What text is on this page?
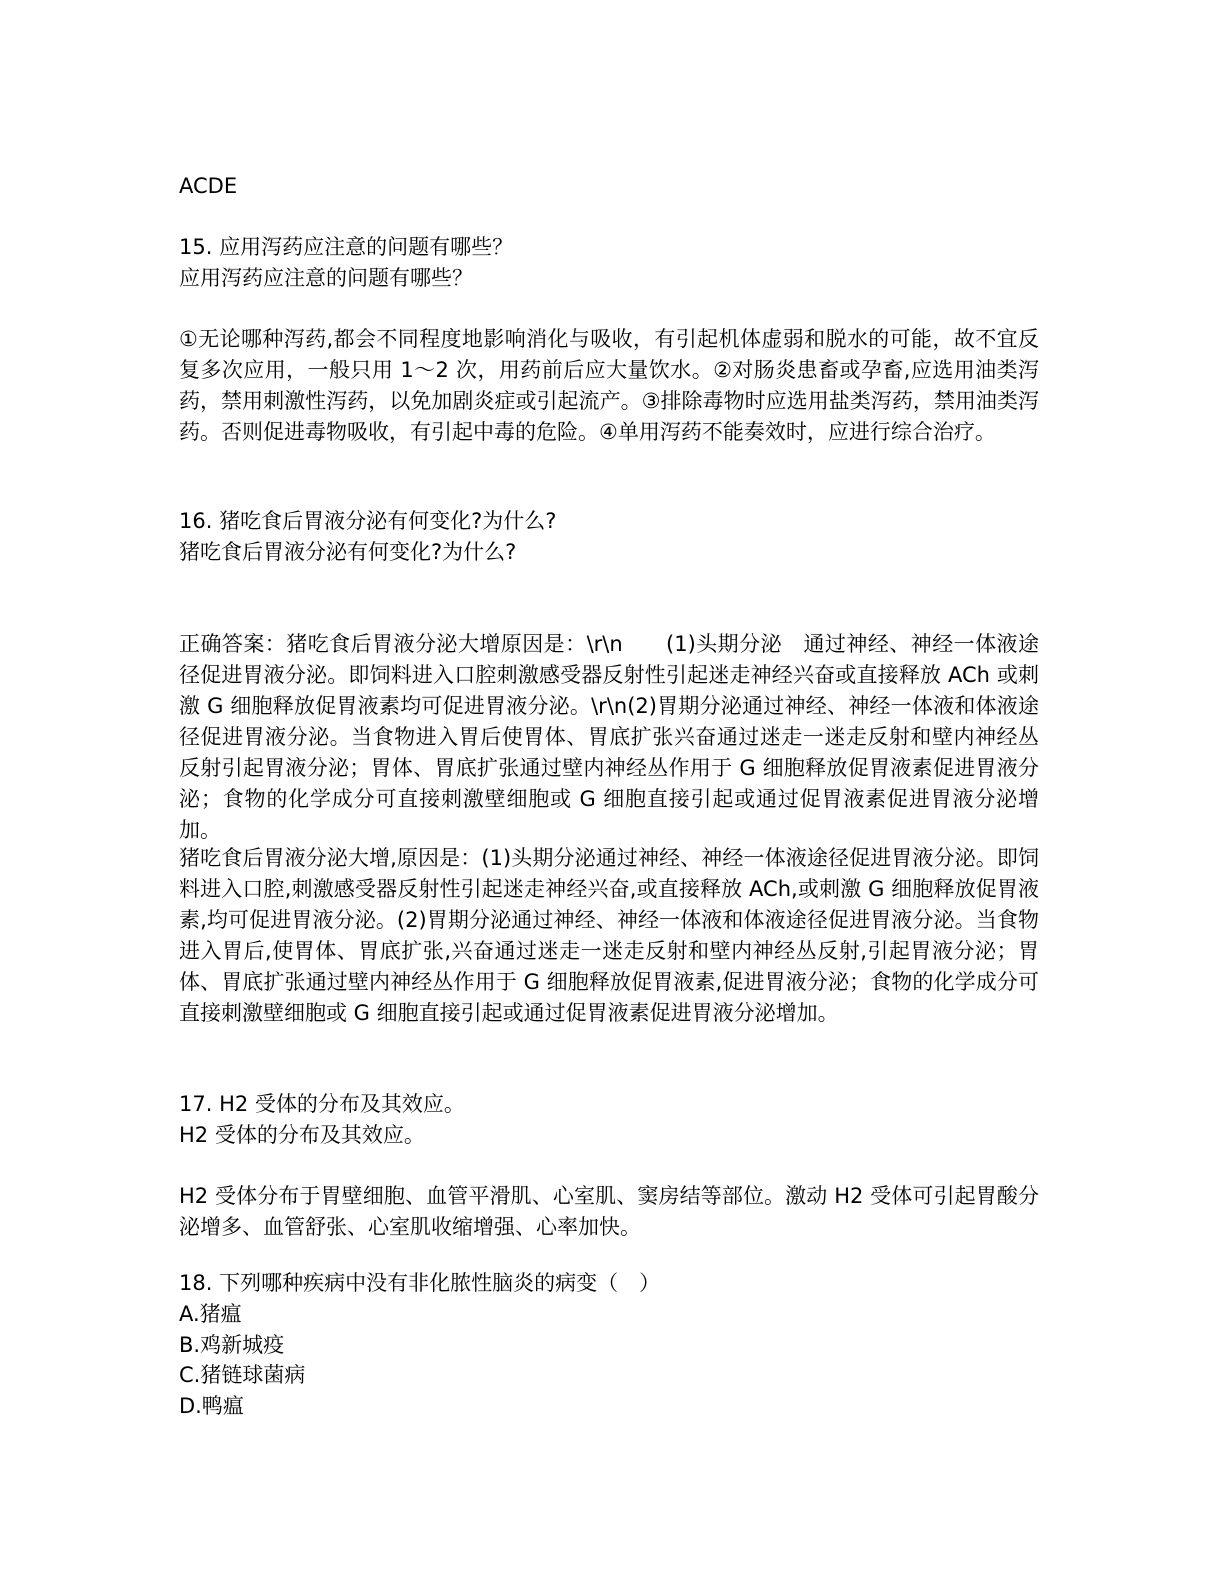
ACDE
15. 应用泻药应注意的问题有哪些？
应用泻药应注意的问题有哪些？
①无论哪种泻药,都会不同程度地影响消化与吸收，有引起机体虚弱和脱水的可能，故不宜反复多次应用，一般只用 1～2 次，用药前后应大量饮水。②对肠炎患畜或孕畜,应选用油类泻药，禁用刺激性泻药，以免加剧炎症或引起流产。③排除毒物时应选用盐类泻药，禁用油类泻药。否则促进毒物吸收，有引起中毒的危险。④单用泻药不能奏效时，应进行综合治疗。
16. 猪吃食后胃液分泌有何变化?为什么?
猪吃食后胃液分泌有何变化?为什么?
正确答案：猪吃食后胃液分泌大增原因是：\r\n　　(1)头期分泌　通过神经、神经一体液途径促进胃液分泌。即饲料进入口腔刺激感受器反射性引起迷走神经兴奋或直接释放 ACh 或刺激 G 细胞释放促胃液素均可促进胃液分泌。\r\n(2)胃期分泌通过神经、神经一体液和体液途径促进胃液分泌。当食物进入胃后使胃体、胃底扩张兴奋通过迷走一迷走反射和壁内神经丛反射引起胃液分泌；胃体、胃底扩张通过壁内神经丛作用于 G 细胞释放促胃液素促进胃液分泌；食物的化学成分可直接刺激壁细胞或 G 细胞直接引起或通过促胃液素促进胃液分泌增加。
猪吃食后胃液分泌大增,原因是：(1)头期分泌通过神经、神经一体液途径促进胃液分泌。即饲料进入口腔,刺激感受器反射性引起迷走神经兴奋,或直接释放 ACh,或刺激 G 细胞释放促胃液素,均可促进胃液分泌。(2)胃期分泌通过神经、神经一体液和体液途径促进胃液分泌。当食物进入胃后,使胃体、胃底扩张,兴奋通过迷走一迷走反射和壁内神经丛反射,引起胃液分泌；胃体、胃底扩张通过壁内神经丛作用于 G 细胞释放促胃液素,促进胃液分泌；食物的化学成分可直接刺激壁细胞或 G 细胞直接引起或通过促胃液素促进胃液分泌增加。
17. H2 受体的分布及其效应。
H2 受体的分布及其效应。
H2 受体分布于胃壁细胞、血管平滑肌、心室肌、窦房结等部位。激动 H2 受体可引起胃酸分泌增多、血管舒张、心室肌收缩增强、心率加快。
18. 下列哪种疾病中没有非化脓性脑炎的病变（　）
A.猪瘟
B.鸡新城疫
C.猪链球菌病
D.鸭瘟
